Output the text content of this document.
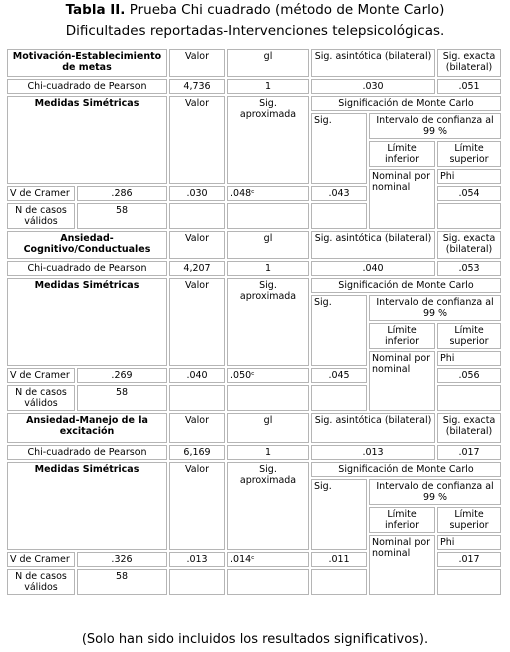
Tabla II. Prueba Chi cuadrado (método de Monte Carlo)
Dificultades reportadas-Intervenciones telepsicológicas.
Motivación-Establecimiento de metas		Valor	gl	Sig. asintótica (bilateral)		Sig. exacta (bilateral)					
Chi-cuadrado de Pearson		4,736	1	.030		.051					
Medidas Simétricas		Valor	Sig. aproximada	Significación de Monte Carlo							
				Sig.	Intervalo de confianza al 99 %						
					Límite inferior	Límite superior					
					Nominal por nominal	Phi					
V de Cramer	.286	.030	.048ᶜ	.043		.054					
N de casos válidos	58										
Ansiedad-Cognitivo/Conductuales		Valor	gl	Sig. asintótica (bilateral)		Sig. exacta (bilateral)					
Chi-cuadrado de Pearson		4,207	1	.040		.053					
Medidas Simétricas		Valor	Sig. aproximada	Significación de Monte Carlo							
				Sig.	Intervalo de confianza al 99 %						
					Límite inferior	Límite superior					
					Nominal por nominal	Phi					
V de Cramer	.269	.040	.050ᶜ	.045		.056					
N de casos válidos	58										
Ansiedad-Manejo de la excitación		Valor	gl	Sig. asintótica (bilateral)		Sig. exacta (bilateral)					
Chi-cuadrado de Pearson		6,169	1	.013		.017					
Medidas Simétricas		Valor	Sig. aproximada	Significación de Monte Carlo							
				Sig.	Intervalo de confianza al 99 %						
					Límite inferior	Límite superior					
					Nominal por nominal	Phi					
V de Cramer	.326	.013	.014ᶜ	.011		.017					
N de casos válidos	58										
(Solo han sido incluidos los resultados significativos).
